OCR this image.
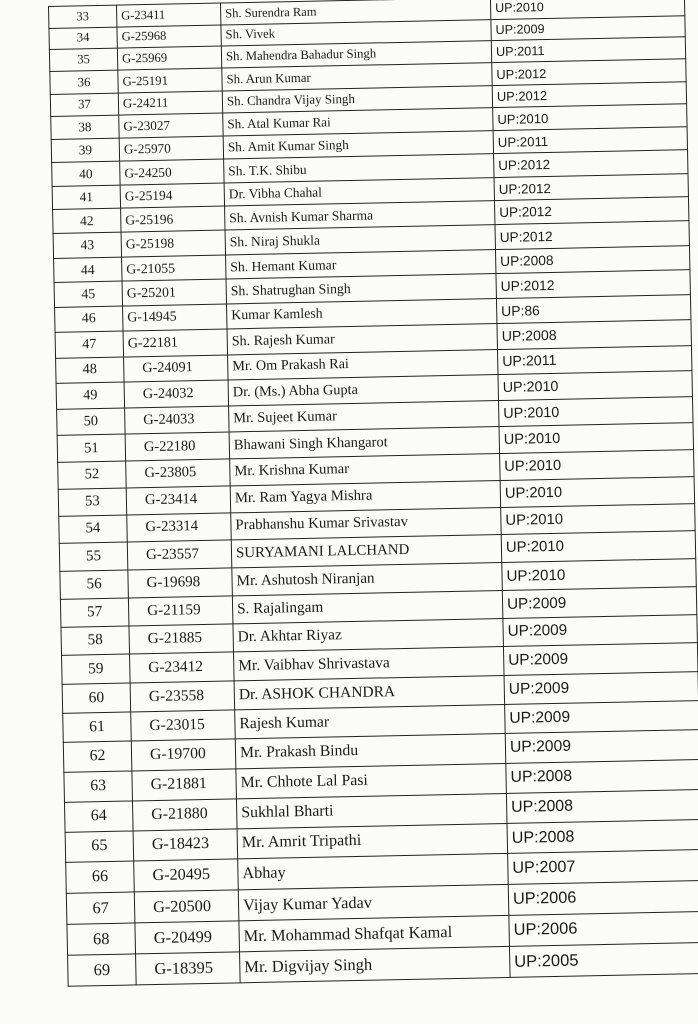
33	G-23411	Sh. Surendra Ram	UP:2010
34	G-25968	Sh. Vivek	UP:2009
35	G-25969	Sh. Mahendra Bahadur Singh	UP:2011
36	G-25191	Sh. Arun Kumar	UP:2012
37	G-24211	Sh. Chandra Vijay Singh	UP:2012
38	G-23027	Sh. Atal Kumar Rai	UP:2010
39	G-25970	Sh. Amit Kumar Singh	UP:2011
40	G-24250	Sh. T.K. Shibu	UP:2012
41	G-25194	Dr. Vibha Chahal	UP:2012
42	G-25196	Sh. Avnish Kumar Sharma	UP:2012
43	G-25198	Sh. Niraj Shukla	UP:2012
44	G-21055	Sh. Hemant Kumar	UP:2008
45	G-25201	Sh. Shatrughan Singh	UP:2012
46	G-14945	Kumar Kamlesh	UP:86
47	G-22181	Sh. Rajesh Kumar	UP:2008
48	G-24091	Mr. Om Prakash Rai	UP:2011
49	G-24032	Dr. (Ms.) Abha Gupta	UP:2010
50	G-24033	Mr. Sujeet Kumar	UP:2010
51	G-22180	Bhawani Singh Khangarot	UP:2010
52	G-23805	Mr. Krishna Kumar	UP:2010
53	G-23414	Mr. Ram Yagya Mishra	UP:2010
54	G-23314	Prabhanshu Kumar Srivastav	UP:2010
55	G-23557	SURYAMANI LALCHAND	UP:2010
56	G-19698	Mr. Ashutosh Niranjan	UP:2010
57	G-21159	S. Rajalingam	UP:2009
58	G-21885	Dr. Akhtar Riyaz	UP:2009
59	G-23412	Mr. Vaibhav Shrivastava	UP:2009
60	G-23558	Dr. ASHOK CHANDRA	UP:2009
61	G-23015	Rajesh Kumar	UP:2009
62	G-19700	Mr. Prakash Bindu	UP:2009
63	G-21881	Mr. Chhote Lal Pasi	UP:2008
64	G-21880	Sukhlal Bharti	UP:2008
65	G-18423	Mr. Amrit Tripathi	UP:2008
66	G-20495	Abhay	UP:2007
67	G-20500	Vijay Kumar Yadav	UP:2006
68	G-20499	Mr. Mohammad Shafqat Kamal	UP:2006
69	G-18395	Mr. Digvijay Singh	UP:2005
